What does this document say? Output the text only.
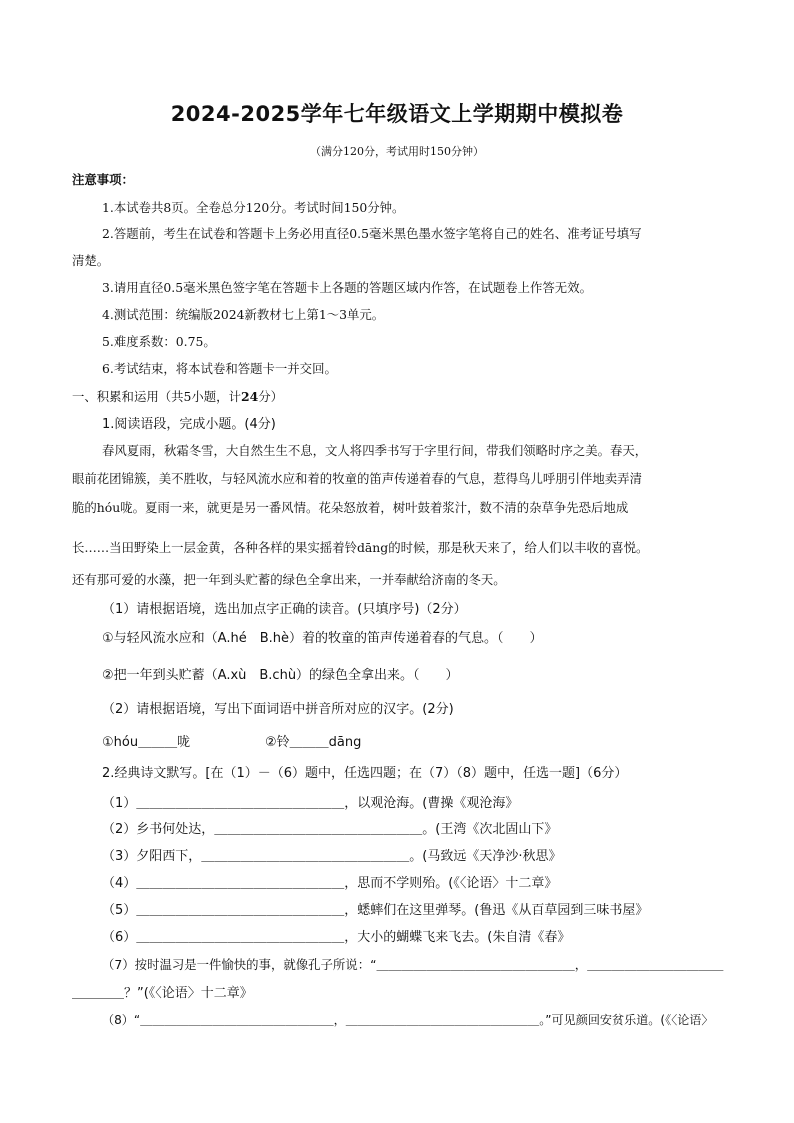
2024-2025学年七年级语文上学期期中模拟卷
（满分120分，考试用时150分钟）
注意事项：
1.本试卷共8页。全卷总分120分。考试时间150分钟。
2.答题前，考生在试卷和答题卡上务必用直径0.5毫米黑色墨水签字笔将自己的姓名、准考证号填写
清楚。
3.请用直径0.5毫米黑色签字笔在答题卡上各题的答题区域内作答，在试题卷上作答无效。
4.测试范围：统编版2024新教材七上第1～3单元。
5.难度系数：0.75。
6.考试结束，将本试卷和答题卡一并交回。
一、积累和运用（共5小题，计24分）
1.阅读语段，完成小题。(4分)
春风夏雨，秋霜冬雪，大自然生生不息，文人将四季书写于字里行间，带我们领略时序之美。春天，
眼前花团锦簇，美不胜收，与轻风流水应和着的牧童的笛声传递着春的气息，惹得鸟儿呼朋引伴地卖弄清
脆的hóu咙。夏雨一来，就更是另一番风情。花朵怒放着，树叶鼓着浆汁，数不清的杂草争先恐后地成
长……当田野染上一层金黄，各种各样的果实摇着铃dāng的时候，那是秋天来了，给人们以丰收的喜悦。
还有那可爱的水藻，把一年到头贮蓄的绿色全拿出来，一并奉献给济南的冬天。
（1）请根据语境，选出加点字正确的读音。(只填序号)（2分）
①与轻风流水应和（A.hé　B.hè）着的牧童的笛声传递着春的气息。（　　）
②把一年到头贮蓄（A.xù　B.chù）的绿色全拿出来。（　　）
（2）请根据语境，写出下面词语中拼音所对应的汉字。(2分)
①hóu＿＿＿咙	②铃＿＿＿dāng
2.经典诗文默写。[在（1）－（6）题中，任选四题；在（7）（8）题中，任选一题]（6分）
（1）＿＿＿＿＿＿＿＿＿＿＿＿＿＿＿＿，以观沧海。(曹操《观沧海》
（2）乡书何处达，＿＿＿＿＿＿＿＿＿＿＿＿＿＿＿＿。(王湾《次北固山下》
（3）夕阳西下，＿＿＿＿＿＿＿＿＿＿＿＿＿＿＿＿。(马致远《天净沙·秋思》
（4）＿＿＿＿＿＿＿＿＿＿＿＿＿＿＿＿，思而不学则殆。(《〈论语〉十二章》
（5）＿＿＿＿＿＿＿＿＿＿＿＿＿＿＿＿，蟋蟀们在这里弹琴。(鲁迅《从百草园到三味书屋》
（6）＿＿＿＿＿＿＿＿＿＿＿＿＿＿＿＿，大小的蝴蝶飞来飞去。(朱自清《春》
（7）按时温习是一件愉快的事，就像孔子所说：“＿＿＿＿＿＿＿＿＿＿＿＿＿＿＿＿，＿＿＿＿＿＿＿＿＿＿＿
＿＿＿＿？”(《〈论语〉十二章》
（8）“＿＿＿＿＿＿＿＿＿＿＿＿＿＿＿＿，＿＿＿＿＿＿＿＿＿＿＿＿＿＿＿＿。”可见颜回安贫乐道。(《〈论语〉
